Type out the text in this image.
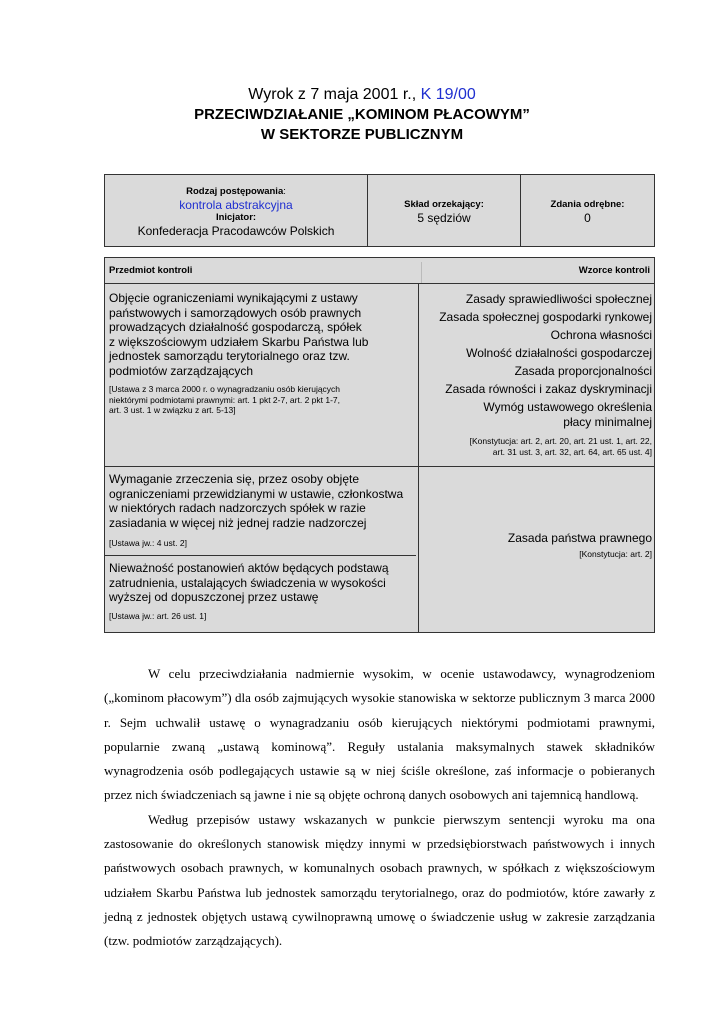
Wyrok z 7 maja 2001 r., K 19/00
PRZECIWDZIAŁANIE „KOMINOM PŁACOWYM”
W SEKTORZE PUBLICZNYM
Rodzaj postępowania:
kontrola abstrakcyjna
Inicjator:
Konfederacja Pracodawców Polskich
Skład orzekający:
5 sędziów
Zdania odrębne:
0
Przedmiot kontroli	Wzorce kontroli
Objęcie ograniczeniami wynikającymi z ustawy
państwowych i samorządowych osób prawnych
prowadzących działalność gospodarczą, spółek
z większościowym udziałem Skarbu Państwa lub
jednostek samorządu terytorialnego oraz tzw.
podmiotów zarządzających
[Ustawa z 3 marca 2000 r. o wynagradzaniu osób kierujących
niektórymi podmiotami prawnymi: art. 1 pkt 2-7, art. 2 pkt 1-7,
art. 3 ust. 1 w związku z art. 5-13]
Zasady sprawiedliwości społecznej
Zasada społecznej gospodarki rynkowej
Ochrona własności
Wolność działalności gospodarczej
Zasada proporcjonalności
Zasada równości i zakaz dyskryminacji
Wymóg ustawowego określenia
płacy minimalnej
[Konstytucja: art. 2, art. 20, art. 21 ust. 1, art. 22,
art. 31 ust. 3, art. 32, art. 64, art. 65 ust. 4]
Wymaganie zrzeczenia się, przez osoby objęte
ograniczeniami przewidzianymi w ustawie, członkostwa
w niektórych radach nadzorczych spółek w razie
zasiadania w więcej niż jednej radzie nadzorczej
[Ustawa jw.: 4 ust. 2]
Nieważność postanowień aktów będących podstawą
zatrudnienia, ustalających świadczenia w wysokości
wyższej od dopuszczonej przez ustawę
[Ustawa jw.: art. 26 ust. 1]
Zasada państwa prawnego
[Konstytucja: art. 2]

W celu przeciwdziałania nadmiernie wysokim, w ocenie ustawodawcy, wynagrodzeniom („kominom płacowym”) dla osób zajmujących wysokie stanowiska w sektorze publicznym 3 marca 2000 r. Sejm uchwalił ustawę o wynagradzaniu osób kierujących niektórymi podmiotami prawnymi, popularnie zwaną „ustawą kominową”. Reguły ustalania maksymalnych stawek składników wynagrodzenia osób podlegających ustawie są w niej ściśle określone, zaś informacje o pobieranych przez nich świadczeniach są jawne i nie są objęte ochroną danych osobowych ani tajemnicą handlową.

Według przepisów ustawy wskazanych w punkcie pierwszym sentencji wyroku ma ona zastosowanie do określonych stanowisk między innymi w przedsiębiorstwach państwowych i innych państwowych osobach prawnych, w komunalnych osobach prawnych, w spółkach z większościowym udziałem Skarbu Państwa lub jednostek samorządu terytorialnego, oraz do podmiotów, które zawarły z jedną z jednostek objętych ustawą cywilnoprawną umowę o świadczenie usług w zakresie zarządzania (tzw. podmiotów zarządzających).
